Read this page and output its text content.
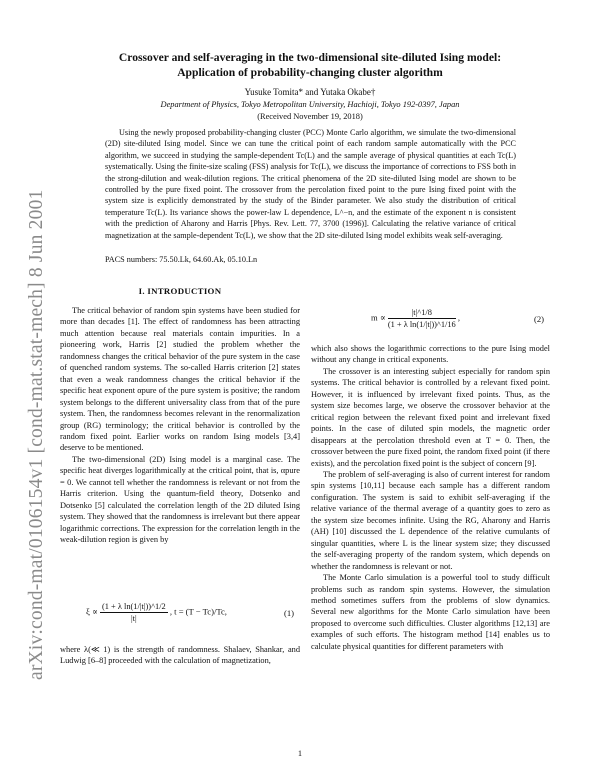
arXiv:cond-mat/0106154v1 [cond-mat.stat-mech] 8 Jun 2001
Crossover and self-averaging in the two-dimensional site-diluted Ising model:
Application of probability-changing cluster algorithm
Yusuke Tomita* and Yutaka Okabe†
Department of Physics, Tokyo Metropolitan University, Hachioji, Tokyo 192-0397, Japan
(Received November 19, 2018)
Using the newly proposed probability-changing cluster (PCC) Monte Carlo algorithm, we simulate the two-dimensional (2D) site-diluted Ising model. Since we can tune the critical point of each random sample automatically with the PCC algorithm, we succeed in studying the sample-dependent Tc(L) and the sample average of physical quantities at each Tc(L) systematically. Using the finite-size scaling (FSS) analysis for Tc(L), we discuss the importance of corrections to FSS both in the strong-dilution and weak-dilution regions. The critical phenomena of the 2D site-diluted Ising model are shown to be controlled by the pure fixed point. The crossover from the percolation fixed point to the pure Ising fixed point with the system size is explicitly demonstrated by the study of the Binder parameter. We also study the distribution of critical temperature Tc(L). Its variance shows the power-law L dependence, L^−n, and the estimate of the exponent n is consistent with the prediction of Aharony and Harris [Phys. Rev. Lett. 77, 3700 (1996)]. Calculating the relative variance of critical magnetization at the sample-dependent Tc(L), we show that the 2D site-diluted Ising model exhibits weak self-averaging.
PACS numbers: 75.50.Lk, 64.60.Ak, 05.10.Ln
I. INTRODUCTION

The critical behavior of random spin systems have been studied for more than decades [1]. The effect of randomness has been attracting much attention because real materials contain impurities. In a pioneering work, Harris [2] studied the problem whether the randomness changes the critical behavior of the pure system in the case of quenched random systems. The so-called Harris criterion [2] states that even a weak randomness changes the critical behavior if the specific heat exponent αpure of the pure system is positive; the random system belongs to the different universality class from that of the pure system. Then, the randomness becomes relevant in the renormalization group (RG) terminology; the critical behavior is controlled by the random fixed point. Earlier works on random Ising models [3,4] deserve to be mentioned.

The two-dimensional (2D) Ising model is a marginal case. The specific heat diverges logarithmically at the critical point, that is, αpure = 0. We cannot tell whether the randomness is relevant or not from the Harris criterion. Using the quantum-field theory, Dotsenko and Dotsenko [5] calculated the correlation length of the 2D diluted Ising system. They showed that the randomness is irrelevant but there appear logarithmic corrections. The expression for the correlation length in the weak-dilution region is given by

$\xi \propto \frac{\text{(1 + λ ln(1/|t|))\textasciicircum{}1/2}}{|t|}$ , t = (T − Tc)/Tc,	(1)

where λ(≪ 1) is the strength of randomness. Shalaev, Shankar, and Ludwig [6–8] proceeded with the calculation of magnetization,

$m \propto \frac{|t|\^{}1/8}{\text{(1 + λ ln(1/|t|))\textasciicircum{}1/16}}$ ,	(2)

which also shows the logarithmic corrections to the pure Ising model without any change in critical exponents.

The crossover is an interesting subject especially for random spin systems. The critical behavior is controlled by a relevant fixed point. However, it is influenced by irrelevant fixed points. Thus, as the system size becomes large, we observe the crossover behavior at the critical region between the relevant fixed point and irrelevant fixed points. In the case of diluted spin models, the magnetic order disappears at the percolation threshold even at T = 0. Then, the crossover between the pure fixed point, the random fixed point (if there exists), and the percolation fixed point is the subject of concern [9].

The problem of self-averaging is also of current interest for random spin systems [10,11] because each sample has a different random configuration. The system is said to exhibit self-averaging if the relative variance of the thermal average of a quantity goes to zero as the system size becomes infinite. Using the RG, Aharony and Harris (AH) [10] discussed the L dependence of the relative cumulants of singular quantities, where L is the linear system size; they discussed the self-averaging property of the random system, which depends on whether the randomness is relevant or not.

The Monte Carlo simulation is a powerful tool to study difficult problems such as random spin systems. However, the simulation method sometimes suffers from the problems of slow dynamics. Several new algorithms for the Monte Carlo simulation have been proposed to overcome such difficulties. Cluster algorithms [12,13] are examples of such efforts. The histogram method [14] enables us to calculate physical quantities for different parameters with

1
